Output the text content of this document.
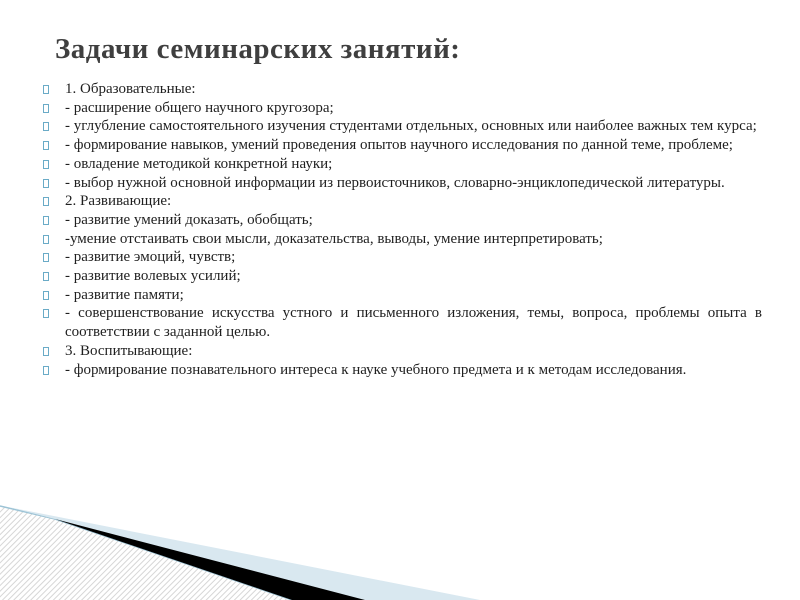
Задачи семинарских занятий:
1. Образовательные:
- расширение общего научного кругозора;
- углубление самостоятельного изучения студентами отдельных, основных или наиболее важных тем курса;
- формирование навыков, умений проведения опытов научного исследования по данной теме, проблеме;
- овладение методикой конкретной науки;
- выбор нужной основной информации из первоисточников, словарно-энциклопедической литературы.
2. Развивающие:
- развитие умений доказать, обобщать;
-умение отстаивать свои мысли, доказательства, выводы, умение интерпретировать;
- развитие эмоций, чувств;
- развитие волевых усилий;
- развитие памяти;
- совершенствование искусства устного и письменного изложения, темы, вопроса, проблемы опыта в соответствии с заданной целью.
3. Воспитывающие:
- формирование познавательного интереса к науке учебного предмета и к методам исследования.
